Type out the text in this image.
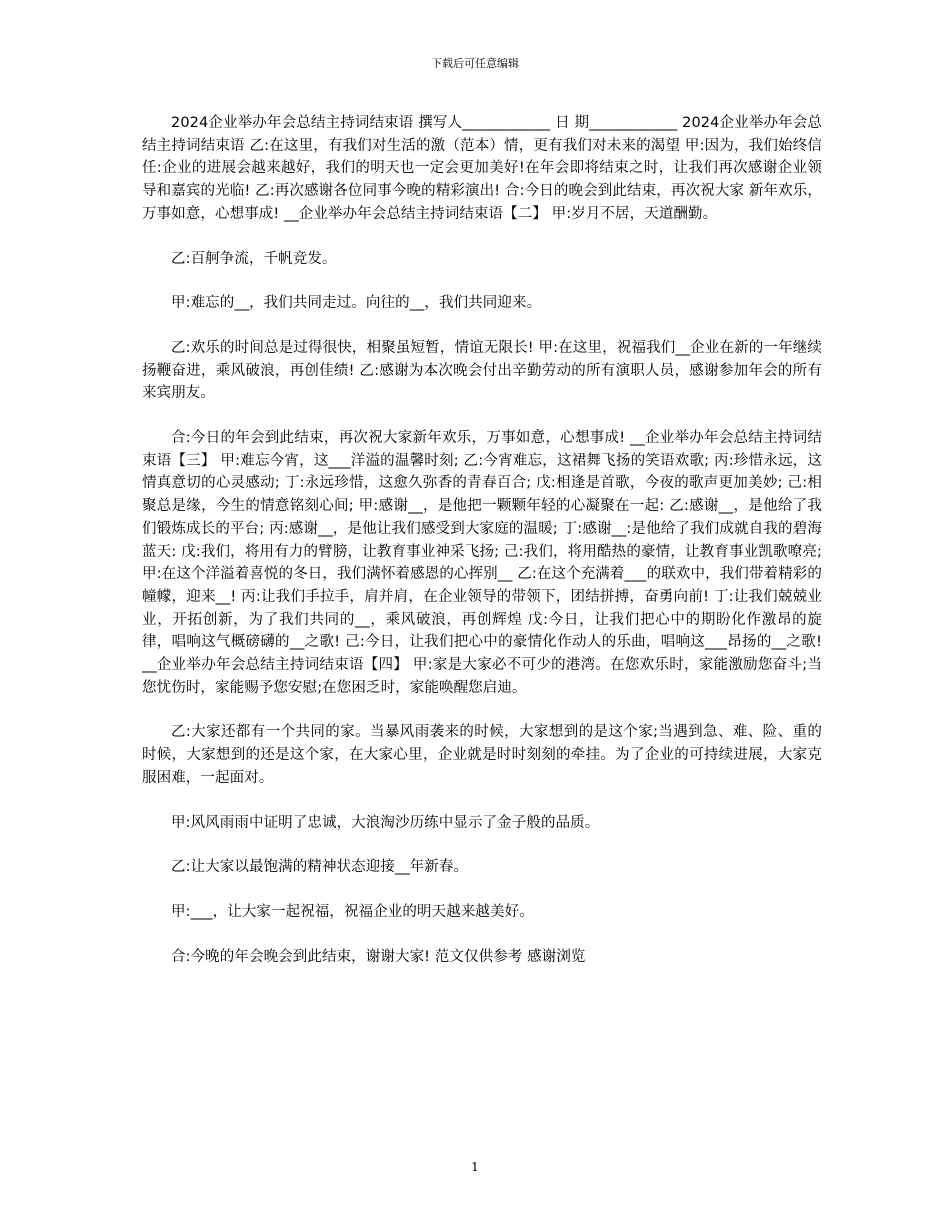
下载后可任意编辑

2024企业举办年会总结主持词结束语 撰写人____________ 日 期____________ 2024企业举办年会总结主持词结束语 乙:在这里，有我们对生活的激（范本）情，更有我们对未来的渴望 甲:因为，我们始终信任:企业的进展会越来越好，我们的明天也一定会更加美好!在年会即将结束之时，让我们再次感谢企业领导和嘉宾的光临! 乙:再次感谢各位同事今晚的精彩演出! 合:今日的晚会到此结束，再次祝大家 新年欢乐，万事如意，心想事成! __企业举办年会总结主持词结束语【二】 甲:岁月不居，天道酬勤。

乙:百舸争流，千帆竞发。

甲:难忘的__，我们共同走过。向往的__，我们共同迎来。

乙:欢乐的时间总是过得很快，相聚虽短暂，情谊无限长! 甲:在这里，祝福我们__企业在新的一年继续扬鞭奋进，乘风破浪，再创佳绩! 乙:感谢为本次晚会付出辛勤劳动的所有演职人员，感谢参加年会的所有来宾朋友。

合:今日的年会到此结束，再次祝大家新年欢乐，万事如意，心想事成! __企业举办年会总结主持词结束语【三】 甲:难忘今宵，这___洋溢的温馨时刻; 乙:今宵难忘，这裙舞飞扬的笑语欢歌; 丙:珍惜永远，这情真意切的心灵感动; 丁:永远珍惜，这愈久弥香的青春百合; 戊:相逢是首歌，今夜的歌声更加美妙; 己:相聚总是缘，今生的情意铭刻心间; 甲:感谢__，是他把一颗颗年轻的心凝聚在一起: 乙:感谢__，是他给了我们锻炼成长的平台; 丙:感谢__，是他让我们感受到大家庭的温暖; 丁:感谢__:是他给了我们成就自我的碧海蓝天: 戊:我们，将用有力的臂膀，让教育事业神采飞扬; 己:我们，将用酷热的豪情，让教育事业凯歌嘹亮; 甲:在这个洋溢着喜悦的冬日，我们满怀着感恩的心挥别__ 乙:在这个充满着___的联欢中，我们带着精彩的幢幪，迎来__! 丙:让我们手拉手，肩并肩，在企业领导的带领下，团结拼搏，奋勇向前! 丁:让我们兢兢业业，开拓创新，为了我们共同的__，乘风破浪，再创辉煌 戊:今日，让我们把心中的期盼化作激昂的旋律，唱响这气概磅礴的__之歌! 己:今日，让我们把心中的豪情化作动人的乐曲，唱响这___昂扬的__之歌! __企业举办年会总结主持词结束语【四】 甲:家是大家必不可少的港湾。在您欢乐时，家能激励您奋斗;当您忧伤时，家能赐予您安慰;在您困乏时，家能唤醒您启迪。

乙:大家还都有一个共同的家。当暴风雨袭来的时候，大家想到的是这个家;当遇到急、难、险、重的时候，大家想到的还是这个家，在大家心里，企业就是时时刻刻的牵挂。为了企业的可持续进展，大家克服困难，一起面对。

甲:风风雨雨中证明了忠诚，大浪淘沙历练中显示了金子般的品质。

乙:让大家以最饱满的精神状态迎接__年新春。

甲:___，让大家一起祝福，祝福企业的明天越来越美好。

合:今晚的年会晚会到此结束，谢谢大家! 范文仅供参考 感谢浏览

1
